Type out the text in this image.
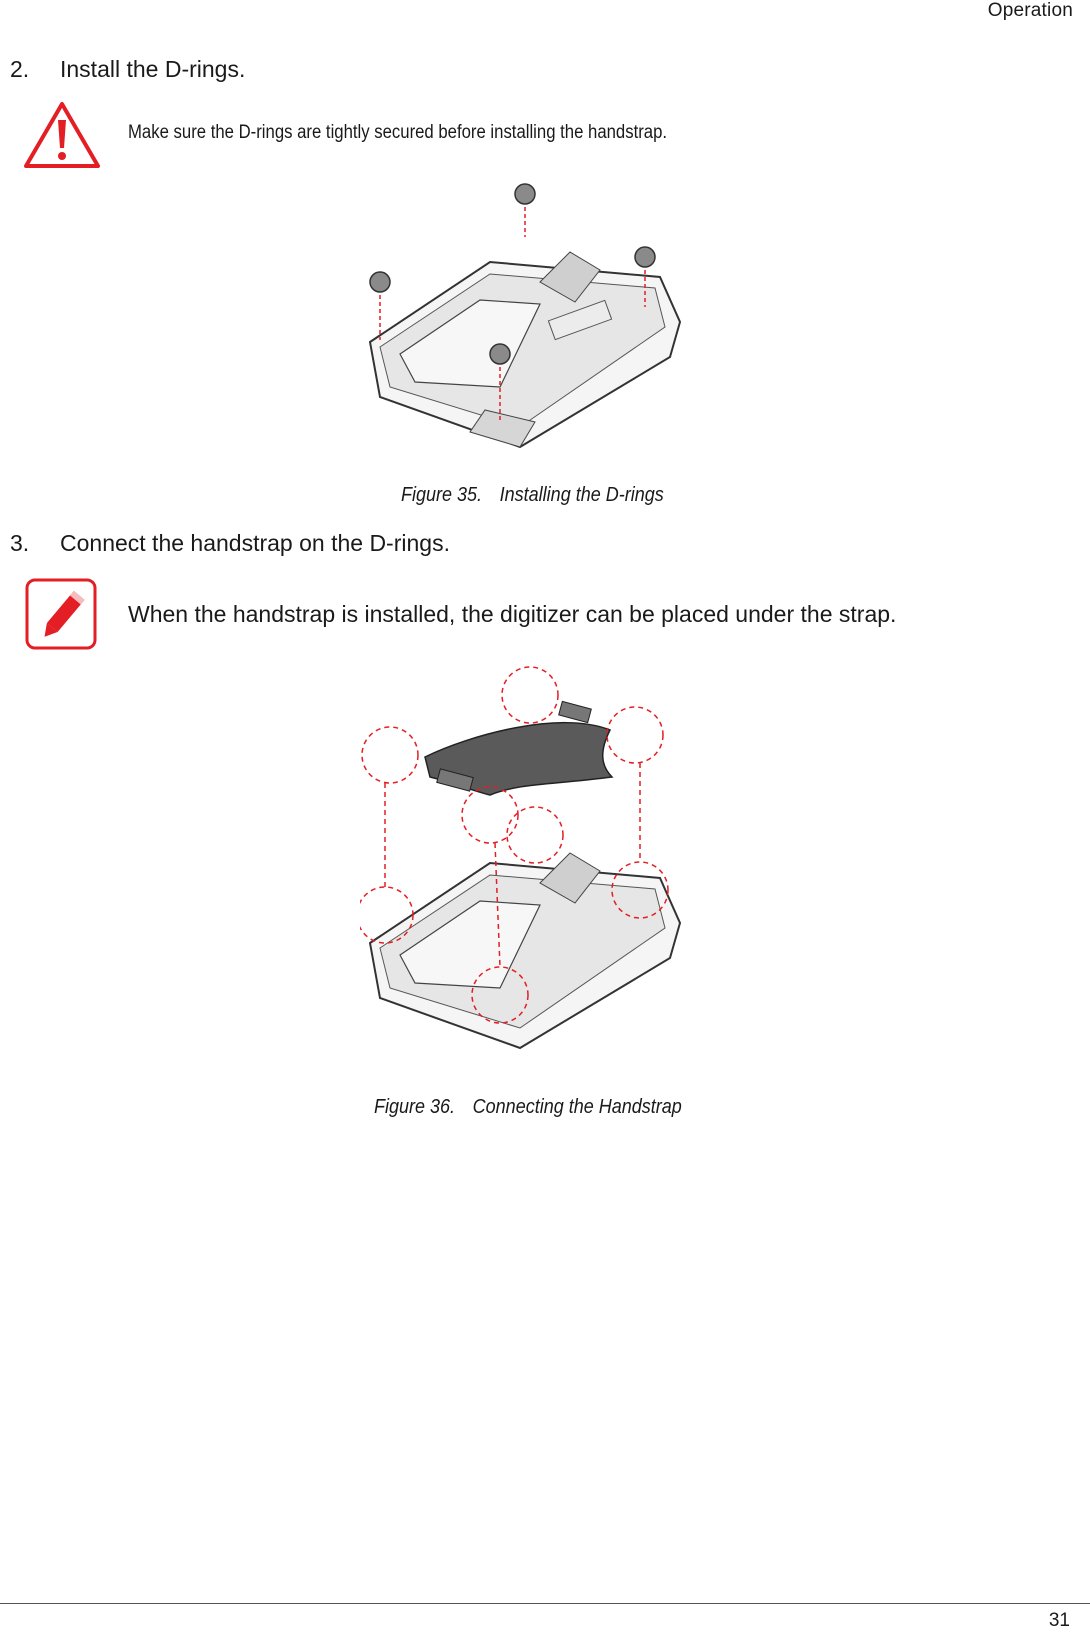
Operation
2.	Install the D-rings.
Make sure the D-rings are tightly secured before installing the handstrap.
Figure 35. Installing the D-rings
3.	Connect the handstrap on the D-rings.
When the handstrap is installed, the digitizer can be placed under the strap.
Figure 36. Connecting the Handstrap
31
